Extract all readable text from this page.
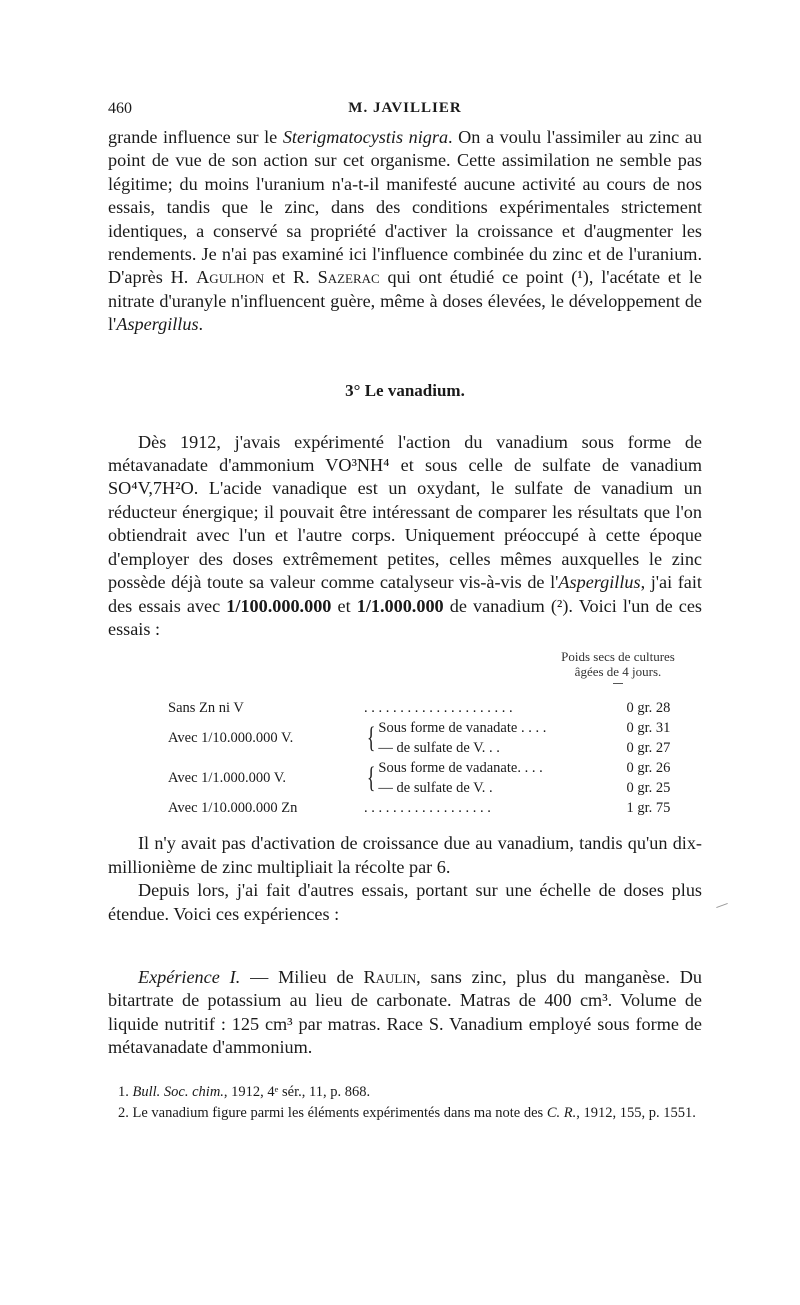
460	M. JAVILLIER

grande influence sur le Sterigmatocystis nigra. On a voulu l'assimiler au zinc au point de vue de son action sur cet organisme. Cette assimilation ne semble pas légitime; du moins l'uranium n'a-t-il manifesté aucune activité au cours de nos essais, tandis que le zinc, dans des conditions expérimentales strictement identiques, a conservé sa propriété d'activer la croissance et d'augmenter les rendements. Je n'ai pas examiné ici l'influence combinée du zinc et de l'uranium. D'après H. Agulhon et R. Sazerac qui ont étudié ce point (¹), l'acétate et le nitrate d'uranyle n'influencent guère, même à doses élevées, le développement de l'Aspergillus.

3° Le vanadium.

Dès 1912, j'avais expérimenté l'action du vanadium sous forme de métavanadate d'ammonium VO³NH⁴ et sous celle de sulfate de vanadium SO⁴V,7H²O. L'acide vanadique est un oxydant, le sulfate de vanadium un réducteur énergique; il pouvait être intéressant de comparer les résultats que l'on obtiendrait avec l'un et l'autre corps. Uniquement préoccupé à cette époque d'employer des doses extrêmement petites, celles mêmes auxquelles le zinc possède déjà toute sa valeur comme catalyseur vis-à-vis de l'Aspergillus, j'ai fait des essais avec 1/100.000.000 et 1/1.000.000 de vanadium (²). Voici l'un de ces essais :

Poids secs de cultures âgées de 4 jours.
Sans Zn ni V	. . . . . . . . . . . . . . . . . . . . .		0 gr. 28
Avec 1/10.000.000 V.	{	Sous forme de vanadate . . . .	0 gr. 31
		— de sulfate de V. . .	0 gr. 27
Avec 1/1.000.000 V.	{	Sous forme de vadanate. . . .	0 gr. 26
		— de sulfate de V. .	0 gr. 25
Avec 1/10.000.000 Zn	. . . . . . . . . . . . . . . . . .		1 gr. 75

Il n'y avait pas d'activation de croissance due au vanadium, tandis qu'un dix-millionième de zinc multipliait la récolte par 6.

Depuis lors, j'ai fait d'autres essais, portant sur une échelle de doses plus étendue. Voici ces expériences :

Expérience I. — Milieu de Raulin, sans zinc, plus du manganèse. Du bitartrate de potassium au lieu de carbonate. Matras de 400 cm³. Volume de liquide nutritif : 125 cm³ par matras. Race S. Vanadium employé sous forme de métavanadate d'ammonium.

1. Bull. Soc. chim., 1912, 4ᵉ sér., 11, p. 868.
2. Le vanadium figure parmi les éléments expérimentés dans ma note des C. R., 1912, 155, p. 1551.
